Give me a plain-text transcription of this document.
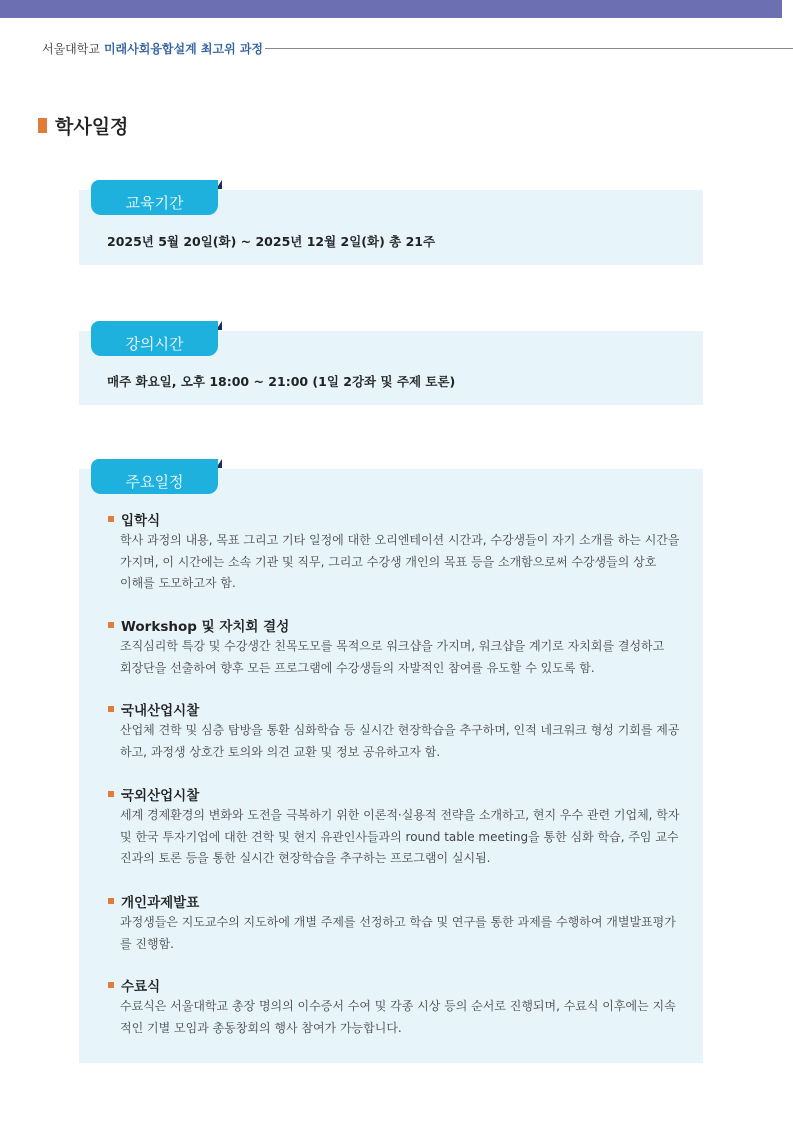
서울대학교 미래사회융합설계 최고위 과정
학사일정
교육기간
2025년 5월 20일(화) ~ 2025년 12월 2일(화) 총 21주
강의시간
매주 화요일, 오후 18:00 ~ 21:00 (1일 2강좌 및 주제 토론)
주요일정
입학식
학사 과정의 내용, 목표 그리고 기타 일정에 대한 오리엔테이션 시간과, 수강생들이 자기 소개를 하는 시간을
가지며, 이 시간에는 소속 기관 및 직무, 그리고 수강생 개인의 목표 등을 소개함으로써 수강생들의 상호
이해를 도모하고자 함.
Workshop 및 자치회 결성
조직심리학 특강 및 수강생간 친목도모를 목적으로 워크샵을 가지며, 워크샵을 계기로 자치회를 결성하고
회장단을 선출하여 향후 모든 프로그램에 수강생들의 자발적인 참여를 유도할 수 있도록 함.
국내산업시찰
산업체 견학 및 심층 탐방을 통환 심화학습 등 실시간 현장학습을 추구하며, 인적 네크워크 형성 기회를 제공
하고, 과정생 상호간 토의와 의견 교환 및 정보 공유하고자 함.
국외산업시찰
세계 경제환경의 변화와 도전을 극복하기 위한 이론적·실용적 전략을 소개하고, 현지 우수 관련 기업체, 학자
및 한국 투자기업에 대한 견학 및 현지 유관인사들과의 round table meeting을 통한 심화 학습, 주임 교수
진과의 토론 등을 통한 실시간 현장학습을 추구하는 프로그램이 실시됨.
개인과제발표
과정생들은 지도교수의 지도하에 개별 주제를 선정하고 학습 및 연구를 통한 과제를 수행하여 개별발표평가
를 진행함.
수료식
수료식은 서울대학교 총장 명의의 이수증서 수여 및 각종 시상 등의 순서로 진행되며, 수료식 이후에는 지속
적인 기별 모임과 총동창회의 행사 참여가 가능합니다.
